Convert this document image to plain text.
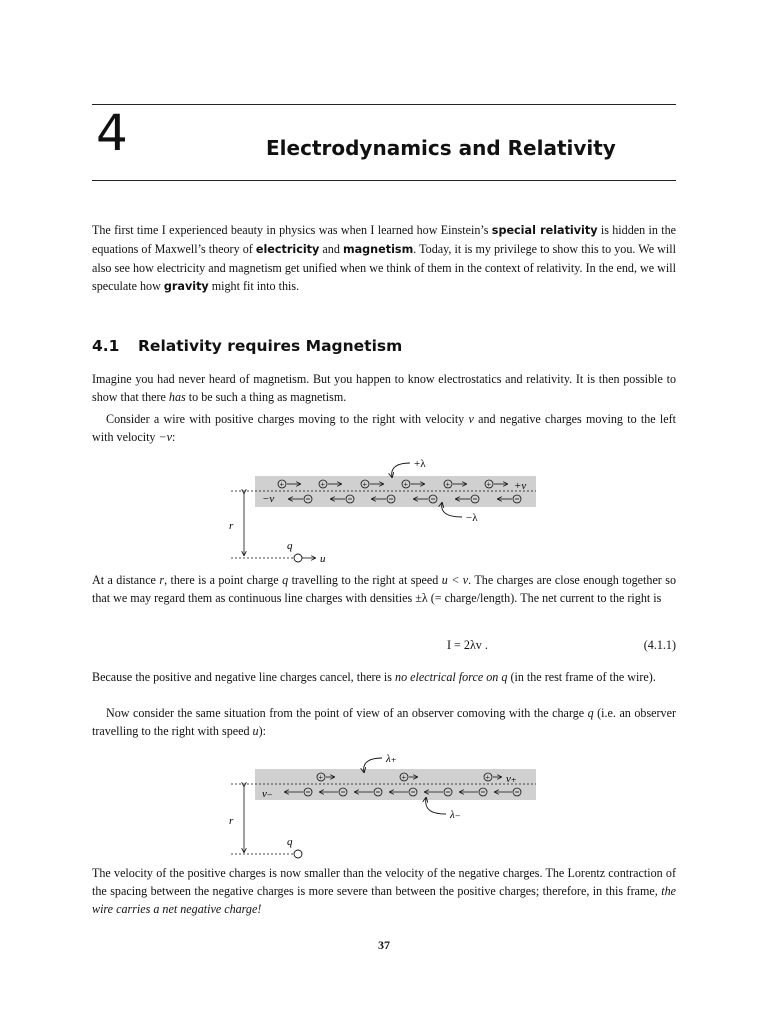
4	Electrodynamics and Relativity

The first time I experienced beauty in physics was when I learned how Einstein’s special relativity is hidden in the equations of Maxwell’s theory of electricity and magnetism. Today, it is my privilege to show this to you. We will also see how electricity and magnetism get unified when we think of them in the context of relativity. In the end, we will speculate how gravity might fit into this.

4.1 Relativity requires Magnetism

Imagine you had never heard of magnetism. But you happen to know electrostatics and relativity. It is then possible to show that there has to be such a thing as magnetism.

Consider a wire with positive charges moving to the right with velocity v and negative charges moving to the left with velocity −v:

+	+	+	+	+	+
−v
+v
+λ
−λ
r
q
u

At a distance r, there is a point charge q travelling to the right at speed u < v. The charges are close enough together so that we may regard them as continuous line charges with densities ±λ (= charge/length). The net current to the right is

I = 2λv .	(4.1.1)

Because the positive and negative line charges cancel, there is no electrical force on q (in the rest frame of the wire).

Now consider the same situation from the point of view of an observer comoving with the charge q (i.e. an observer travelling to the right with speed u):

+	+	+
v₋
v₊
λ₊
λ₋
r
q

The velocity of the positive charges is now smaller than the velocity of the negative charges. The Lorentz contraction of the spacing between the negative charges is more severe than between the positive charges; therefore, in this frame, the wire carries a net negative charge!

37
